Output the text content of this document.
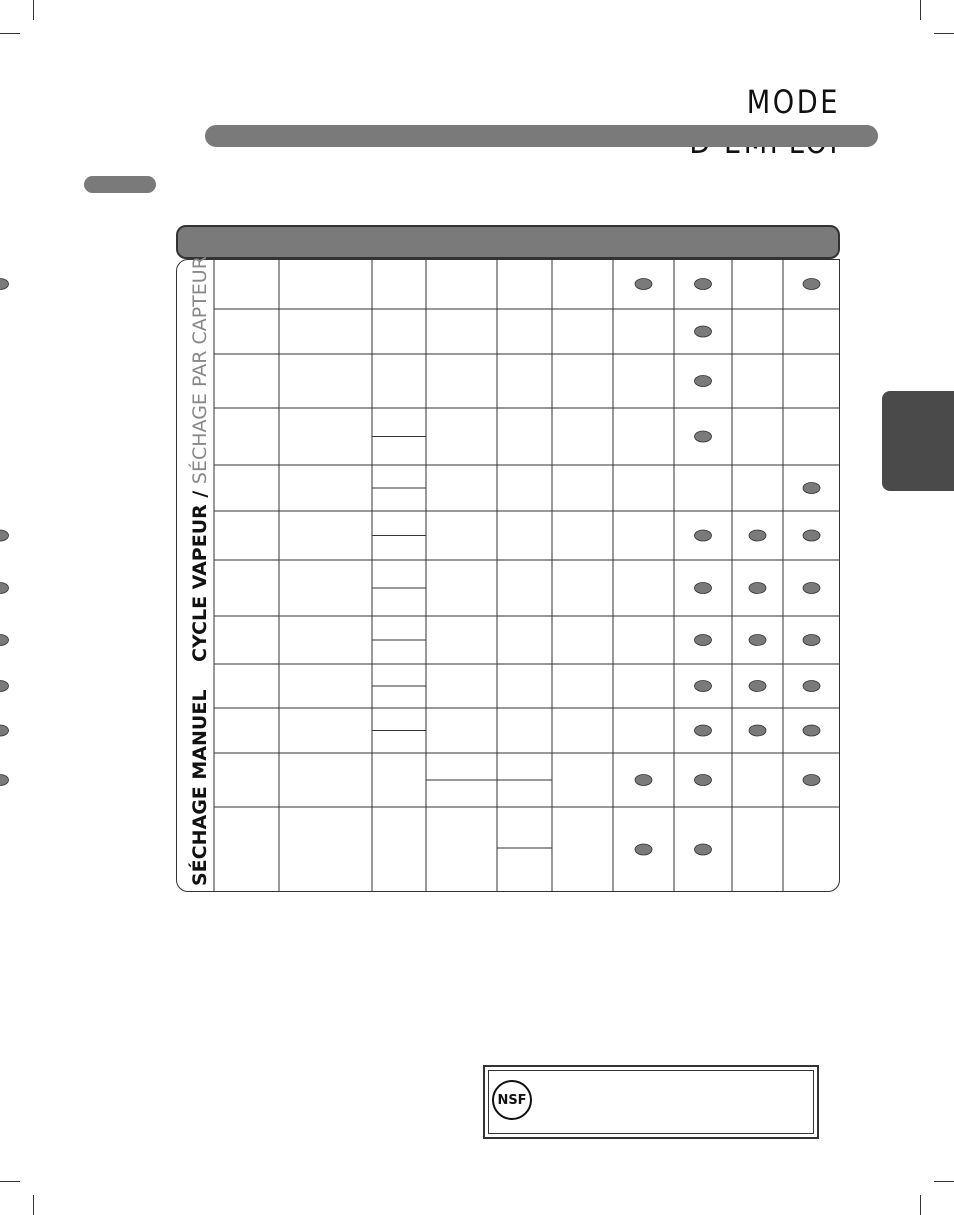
MODE
CYCLE VAPEUR / SÉCHAGE PAR CAPTEUR
SÉCHAGE MANUEL
NSF
